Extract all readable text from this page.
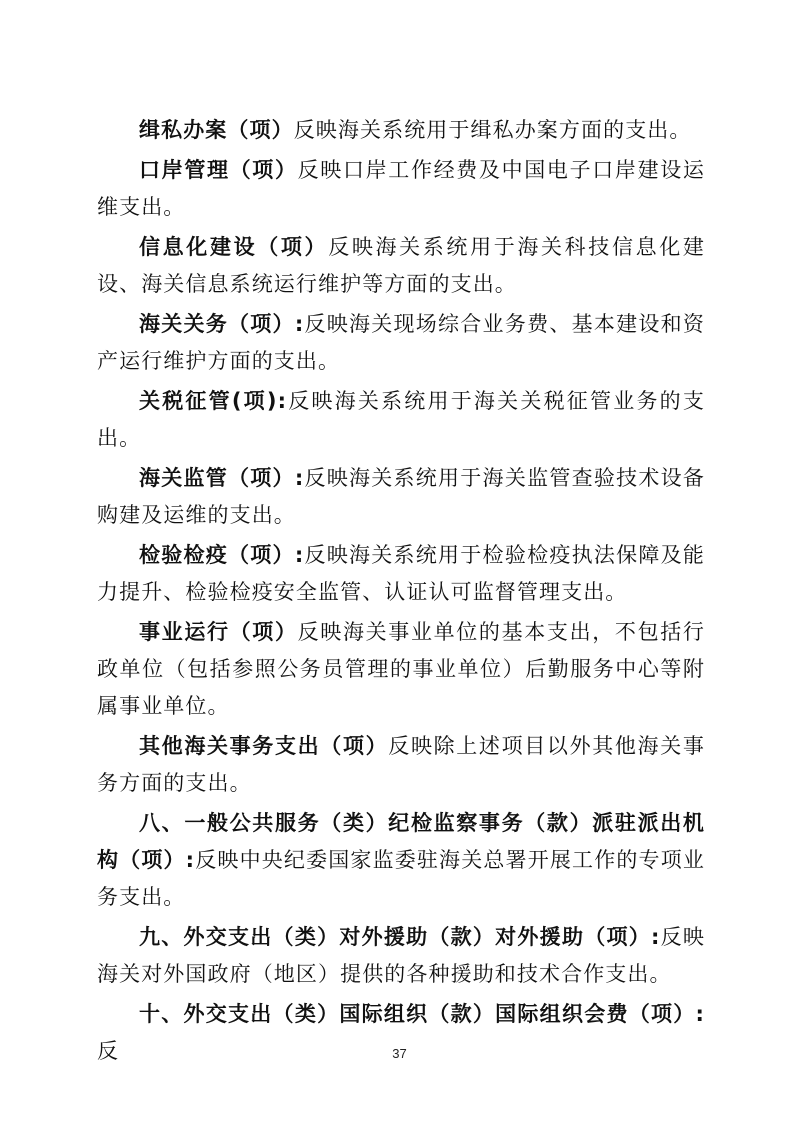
缉私办案（项）反映海关系统用于缉私办案方面的支出。

口岸管理（项）反映口岸工作经费及中国电子口岸建设运维支出。

信息化建设（项）反映海关系统用于海关科技信息化建设、海关信息系统运行维护等方面的支出。

海关关务（项）:反映海关现场综合业务费、基本建设和资产运行维护方面的支出。

关税征管(项):反映海关系统用于海关关税征管业务的支出。

海关监管（项）:反映海关系统用于海关监管查验技术设备购建及运维的支出。

检验检疫（项）:反映海关系统用于检验检疫执法保障及能力提升、检验检疫安全监管、认证认可监督管理支出。

事业运行（项）反映海关事业单位的基本支出，不包括行政单位（包括参照公务员管理的事业单位）后勤服务中心等附属事业单位。

其他海关事务支出（项）反映除上述项目以外其他海关事务方面的支出。

八、一般公共服务（类）纪检监察事务（款）派驻派出机构（项）:反映中央纪委国家监委驻海关总署开展工作的专项业务支出。

九、外交支出（类）对外援助（款）对外援助（项）:反映海关对外国政府（地区）提供的各种援助和技术合作支出。

十、外交支出（类）国际组织（款）国际组织会费（项）:反	37
